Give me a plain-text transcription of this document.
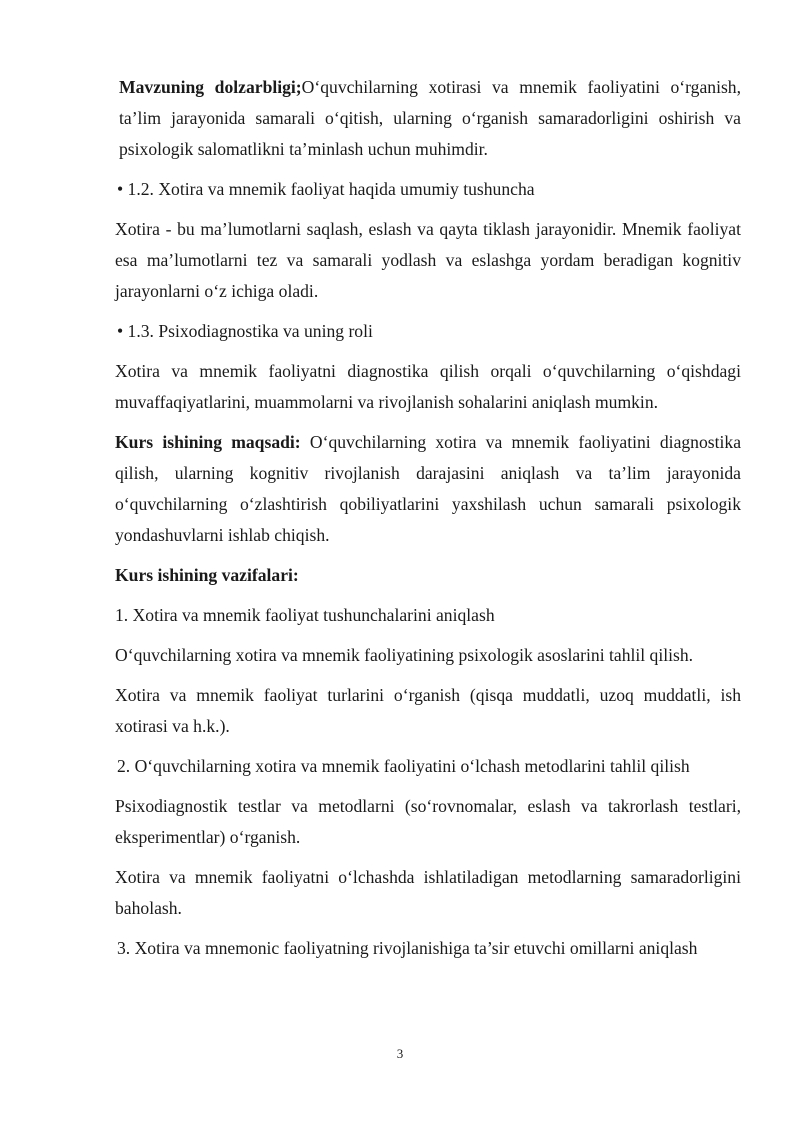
Mavzuning dolzarbligi;O‘quvchilarning xotirasi va mnemik faoliyatini o‘rganish, ta’lim jarayonida samarali o‘qitish, ularning o‘rganish samaradorligini oshirish va psixologik salomatlikni ta’minlash uchun muhimdir.

• 1.2. Xotira va mnemik faoliyat haqida umumiy tushuncha

Xotira - bu ma’lumotlarni saqlash, eslash va qayta tiklash jarayonidir. Mnemik faoliyat esa ma’lumotlarni tez va samarali yodlash va eslashga yordam beradigan kognitiv jarayonlarni o‘z ichiga oladi.

• 1.3. Psixodiagnostika va uning roli

Xotira va mnemik faoliyatni diagnostika qilish orqali o‘quvchilarning o‘qishdagi muvaffaqiyatlarini, muammolarni va rivojlanish sohalarini aniqlash mumkin.

Kurs ishining maqsadi: O‘quvchilarning xotira va mnemik faoliyatini diagnostika qilish, ularning kognitiv rivojlanish darajasini aniqlash va ta’lim jarayonida o‘quvchilarning o‘zlashtirish qobiliyatlarini yaxshilash uchun samarali psixologik yondashuvlarni ishlab chiqish.

Kurs ishining vazifalari:

1. Xotira va mnemik faoliyat tushunchalarini aniqlash

O‘quvchilarning xotira va mnemik faoliyatining psixologik asoslarini tahlil qilish.

Xotira va mnemik faoliyat turlarini o‘rganish (qisqa muddatli, uzoq muddatli, ish xotirasi va h.k.).

2. O‘quvchilarning xotira va mnemik faoliyatini o‘lchash metodlarini tahlil qilish

Psixodiagnostik testlar va metodlarni (so‘rovnomalar, eslash va takrorlash testlari, eksperimentlar) o‘rganish.

Xotira va mnemik faoliyatni o‘lchashda ishlatiladigan metodlarning samaradorligini baholash.

3. Xotira va mnemonic faoliyatning rivojlanishiga ta’sir etuvchi omillarni aniqlash

3
